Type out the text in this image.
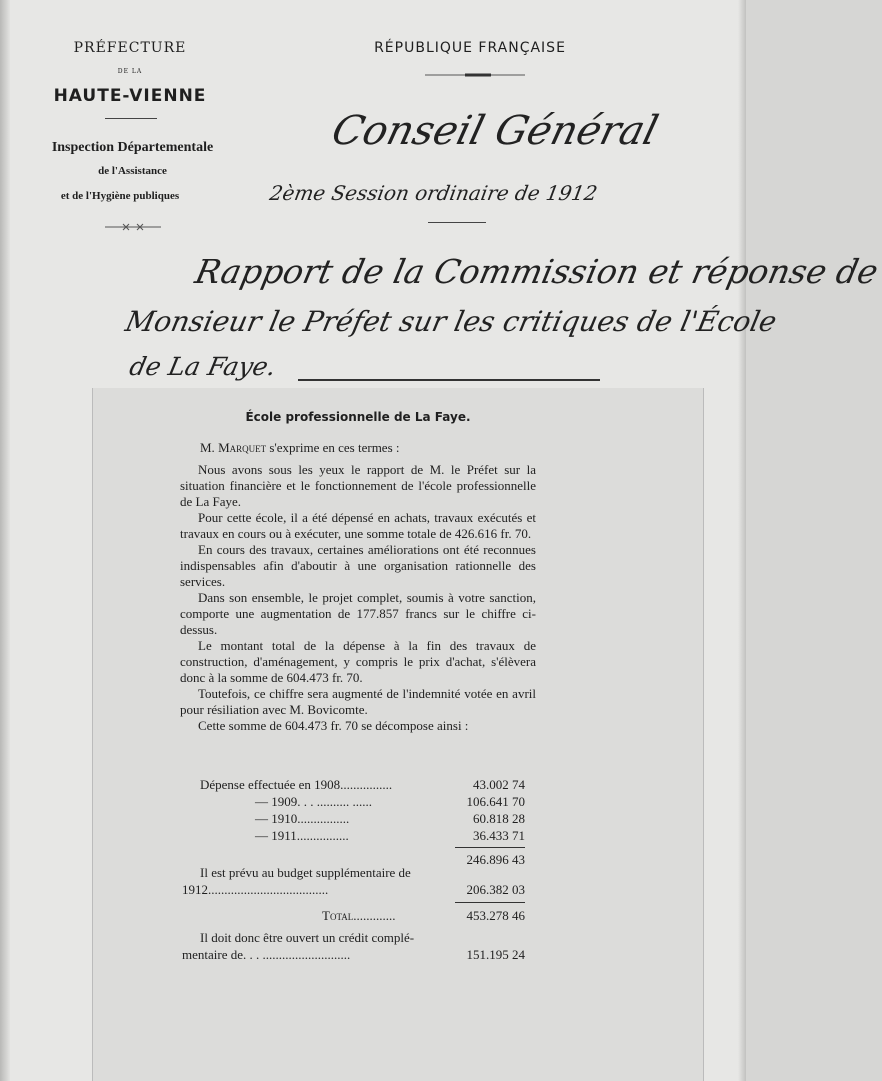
PRÉFECTURE
DE LA
HAUTE-VIENNE
Inspection Départementale
de l'Assistance
et de l'Hygiène publiques
RÉPUBLIQUE FRANÇAISE
Conseil Général
2ème Session ordinaire de 1912
Rapport de la Commission et réponse de
Monsieur le Préfet sur les critiques de l'École
de La Faye.
École professionnelle de La Faye.
M. Marquet s'exprime en ces termes :

Nous avons sous les yeux le rapport de M. le Préfet sur la situation financière et le fonctionnement de l'école professionnelle de La Faye.

Pour cette école, il a été dépensé en achats, travaux exécutés et travaux en cours ou à exécuter, une somme totale de 426.616 fr. 70.

En cours des travaux, certaines améliorations ont été reconnues indispensables afin d'aboutir à une organisation rationnelle des services.

Dans son ensemble, le projet complet, soumis à votre sanction, comporte une augmentation de 177.857 francs sur le chiffre ci-dessus.

Le montant total de la dépense à la fin des travaux de construction, d'aménagement, y compris le prix d'achat, s'élèvera donc à la somme de 604.473 fr. 70.

Toutefois, ce chiffre sera augmenté de l'indemnité votée en avril pour résiliation avec M. Bovicomte.

Cette somme de 604.473 fr. 70 se décompose ainsi :

Dépense effectuée en 1908................	43.002 74
— 1909. . . .......... ......	106.641 70
— 1910................	60.818 28
— 1911................	36.433 71
246.896 43
Il est prévu au budget supplémentaire de
1912.....................................	206.382 03
Total.............	453.278 46
Il doit donc être ouvert un crédit complé-
mentaire de. . . ...........................	151.195 24
